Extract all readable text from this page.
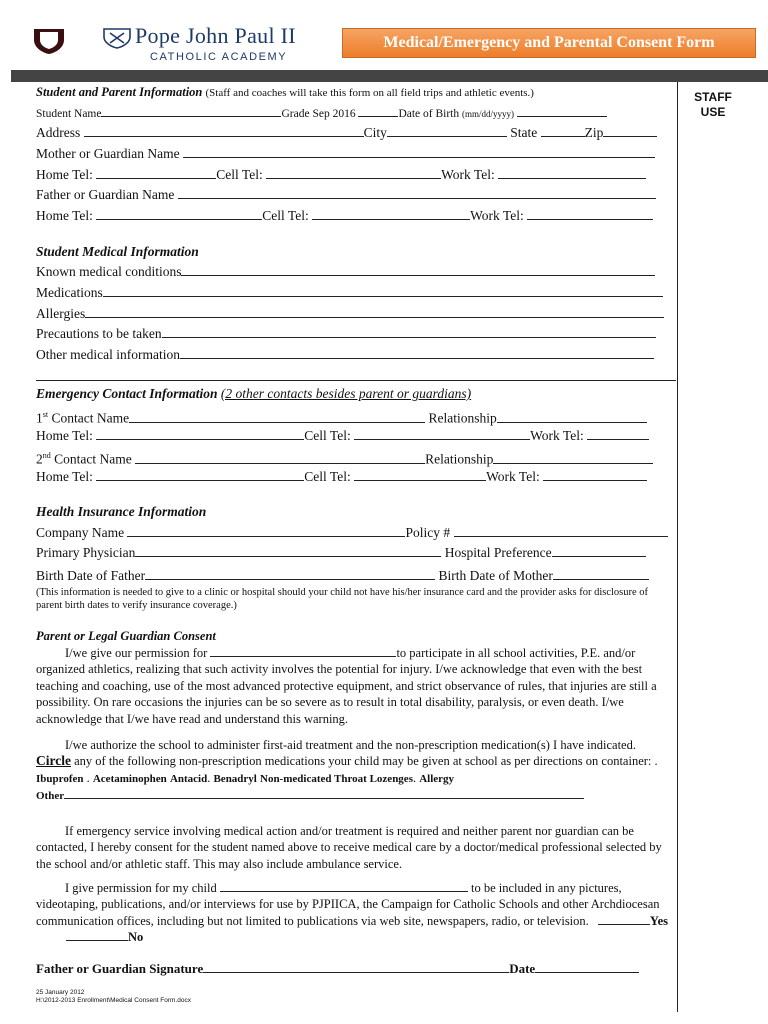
Pope John Paul II
CATHOLIC ACADEMY
Medical/Emergency and Parental Consent Form
STAFF USE
Student and Parent Information (Staff and coaches will take this form on all field trips and athletic events.)
Student Name	Grade Sep 2016	Date of Birth (mm/dd/yyyy)
Address	City	State	Zip
Mother or Guardian Name
Home Tel:	Cell Tel:	Work Tel:
Father or Guardian Name
Home Tel:	Cell Tel:	Work Tel:
Student Medical Information
Known medical conditions
Medications
Allergies
Precautions to be taken
Other medical information
Emergency Contact Information (2 other contacts besides parent or guardians)
1st Contact Name	Relationship
Home Tel:	Cell Tel:	Work Tel:
2nd Contact Name	Relationship
Home Tel:	Cell Tel:	Work Tel:
Health Insurance Information
Company Name	Policy #
Primary Physician	Hospital Preference
Birth Date of Father	Birth Date of Mother
(This information is needed to give to a clinic or hospital should your child not have his/her insurance card and the provider asks for disclosure of parent birth dates to verify insurance coverage.)
Parent or Legal Guardian Consent
I/we give our permission for	to participate in all school activities, P.E. and/or organized athletics, realizing that such activity involves the potential for injury. I/we acknowledge that even with the best teaching and coaching, use of the most advanced protective equipment, and strict observance of rules, that injuries are still a possibility. On rare occasions the injuries can be so severe as to result in total disability, paralysis, or even death. I/we acknowledge that I/we have read and understand this warning.
I/we authorize the school to administer first-aid treatment and the non-prescription medication(s) I have indicated. Circle any of the following non-prescription medications your child may be given at school as per directions on container: . Ibuprofen . Acetaminophen Antacid. Benadryl Non-medicated Throat Lozenges. Allergy
Other
If emergency service involving medical action and/or treatment is required and neither parent nor guardian can be contacted, I hereby consent for the student named above to receive medical care by a doctor/medical professional selected by the school and/or athletic staff. This may also include ambulance service.
I give permission for my child	to be included in any pictures, videotaping, publications, and/or interviews for use by PJPIICA, the Campaign for Catholic Schools and other Archdiocesan communication offices, including but not limited to publications via web site, newspapers, radio, or television.	Yes No
Father or Guardian Signature	Date
25 January 2012
H:\2012-2013 Enrollment\Medical Consent Form.docx
